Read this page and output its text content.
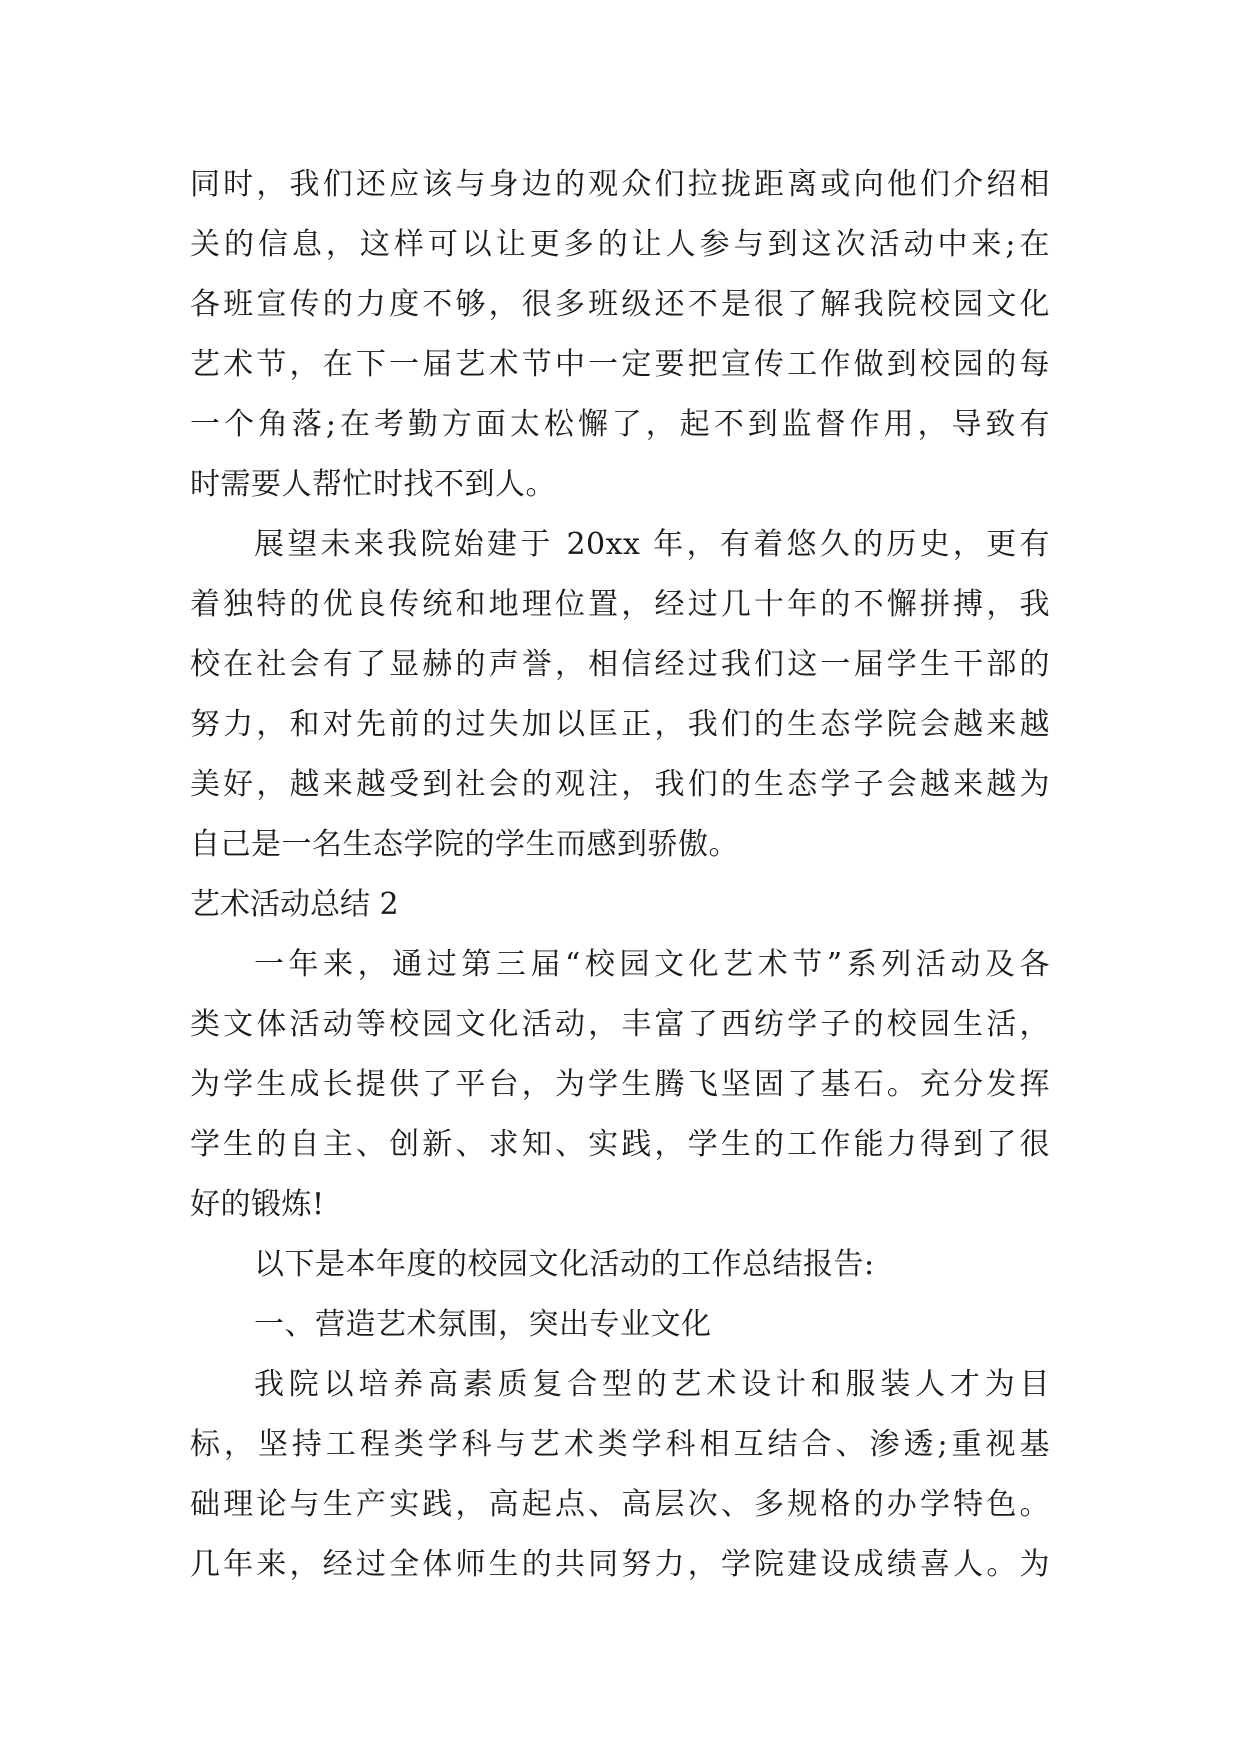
同时，我们还应该与身边的观众们拉拢距离或向他们介绍相
关的信息，这样可以让更多的让人参与到这次活动中来;在
各班宣传的力度不够，很多班级还不是很了解我院校园文化
艺术节，在下一届艺术节中一定要把宣传工作做到校园的每
一个角落;在考勤方面太松懈了，起不到监督作用，导致有
时需要人帮忙时找不到人。
展望未来我院始建于 20xx 年，有着悠久的历史，更有
着独特的优良传统和地理位置，经过几十年的不懈拼搏，我
校在社会有了显赫的声誉，相信经过我们这一届学生干部的
努力，和对先前的过失加以匡正，我们的生态学院会越来越
美好，越来越受到社会的观注，我们的生态学子会越来越为
自己是一名生态学院的学生而感到骄傲。
艺术活动总结 2
一年来，通过第三届“校园文化艺术节”系列活动及各
类文体活动等校园文化活动，丰富了西纺学子的校园生活，
为学生成长提供了平台，为学生腾飞坚固了基石。充分发挥
学生的自主、创新、求知、实践，学生的工作能力得到了很
好的锻炼!
以下是本年度的校园文化活动的工作总结报告:
一、营造艺术氛围，突出专业文化
我院以培养高素质复合型的艺术设计和服装人才为目
标，坚持工程类学科与艺术类学科相互结合、渗透;重视基
础理论与生产实践，高起点、高层次、多规格的办学特色。
几年来，经过全体师生的共同努力，学院建设成绩喜人。为
